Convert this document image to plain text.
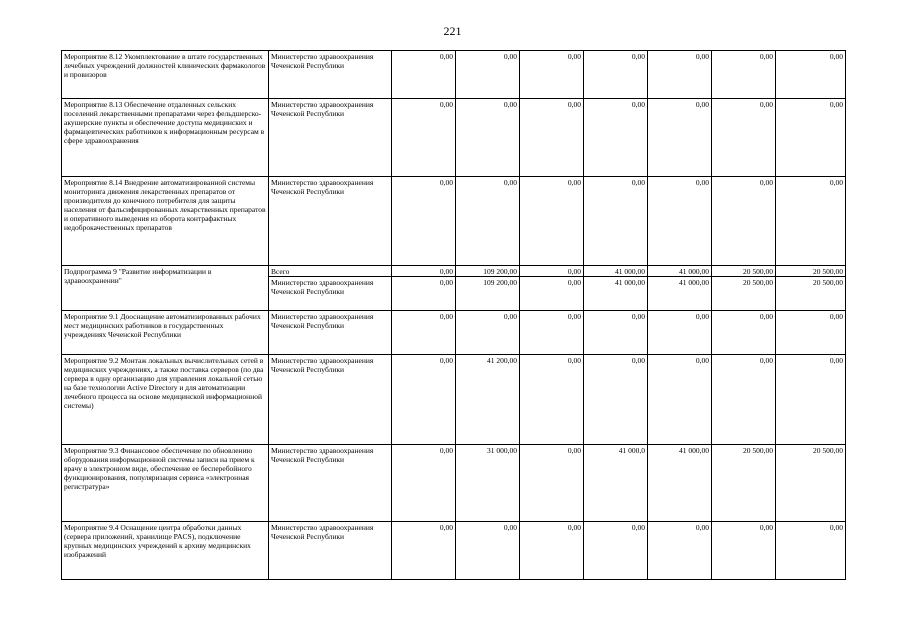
221
Мероприятие 8.12 Укомплектование в штате государственных лечебных учреждений должностей клинических фармакологов и провизоров	Министерство здравоохранения Чеченской Республики	0,00	0,00	0,00	0,00	0,00	0,00	0,00
Мероприятие 8.13 Обеспечение отдаленных сельских поселений лекарственными препаратами через фельдшерско-акушерские пункты и обеспечение доступа медицинских и фармацевтических работников к информационным ресурсам в сфере здравоохранения	Министерство здравоохранения Чеченской Республики	0,00	0,00	0,00	0,00	0,00	0,00	0,00
Мероприятие 8.14 Внедрение автоматизированной системы мониторинга движения лекарственных препаратов от производителя до конечного потребителя для защиты населения от фальсифицированных лекарственных препаратов и оперативного выведения из оборота контрафактных недоброкачественных препаратов	Министерство здравоохранения Чеченской Республики	0,00	0,00	0,00	0,00	0,00	0,00	0,00
Подпрограмма 9 "Развитие информатизации в здравоохранении"	Всего	0,00	109 200,00	0,00	41 000,00	41 000,00	20 500,00	20 500,00
	Министерство здравоохранения Чеченской Республики	0,00	109 200,00	0,00	41 000,00	41 000,00	20 500,00	20 500,00
Мероприятие 9.1 Дооснащение автоматизированных рабочих мест медицинских работников в государственных учреждениях Чеченской Республики	Министерство здравоохранения Чеченской Республики	0,00	0,00	0,00	0,00	0,00	0,00	0,00
Мероприятие 9.2 Монтаж локальных вычислительных сетей в медицинских учреждениях, а также поставка серверов (по два сервера в одну организацию для управления локальной сетью на базе технологии Active Directory и для автоматизации лечебного процесса на основе медицинской информационной системы)	Министерство здравоохранения Чеченской Республики	0,00	41 200,00	0,00	0,00	0,00	0,00	0,00
Мероприятие 9.3 Финансовое обеспечение по обновлению оборудования информационной системы записи на прием к врачу в электронном виде, обеспечение ее бесперебойного функционирования, популяризация сервиса «электронная регистратура»	Министерство здравоохранения Чеченской Республики	0,00	31 000,00	0,00	41 000,0	41 000,00	20 500,00	20 500,00
Мероприятие 9.4 Оснащение центра обработки данных (сервера приложений, хранилище PACS), подключение крупных медицинских учреждений к архиву медицинских изображений	Министерство здравоохранения Чеченской Республики	0,00	0,00	0,00	0,00	0,00	0,00	0,00
